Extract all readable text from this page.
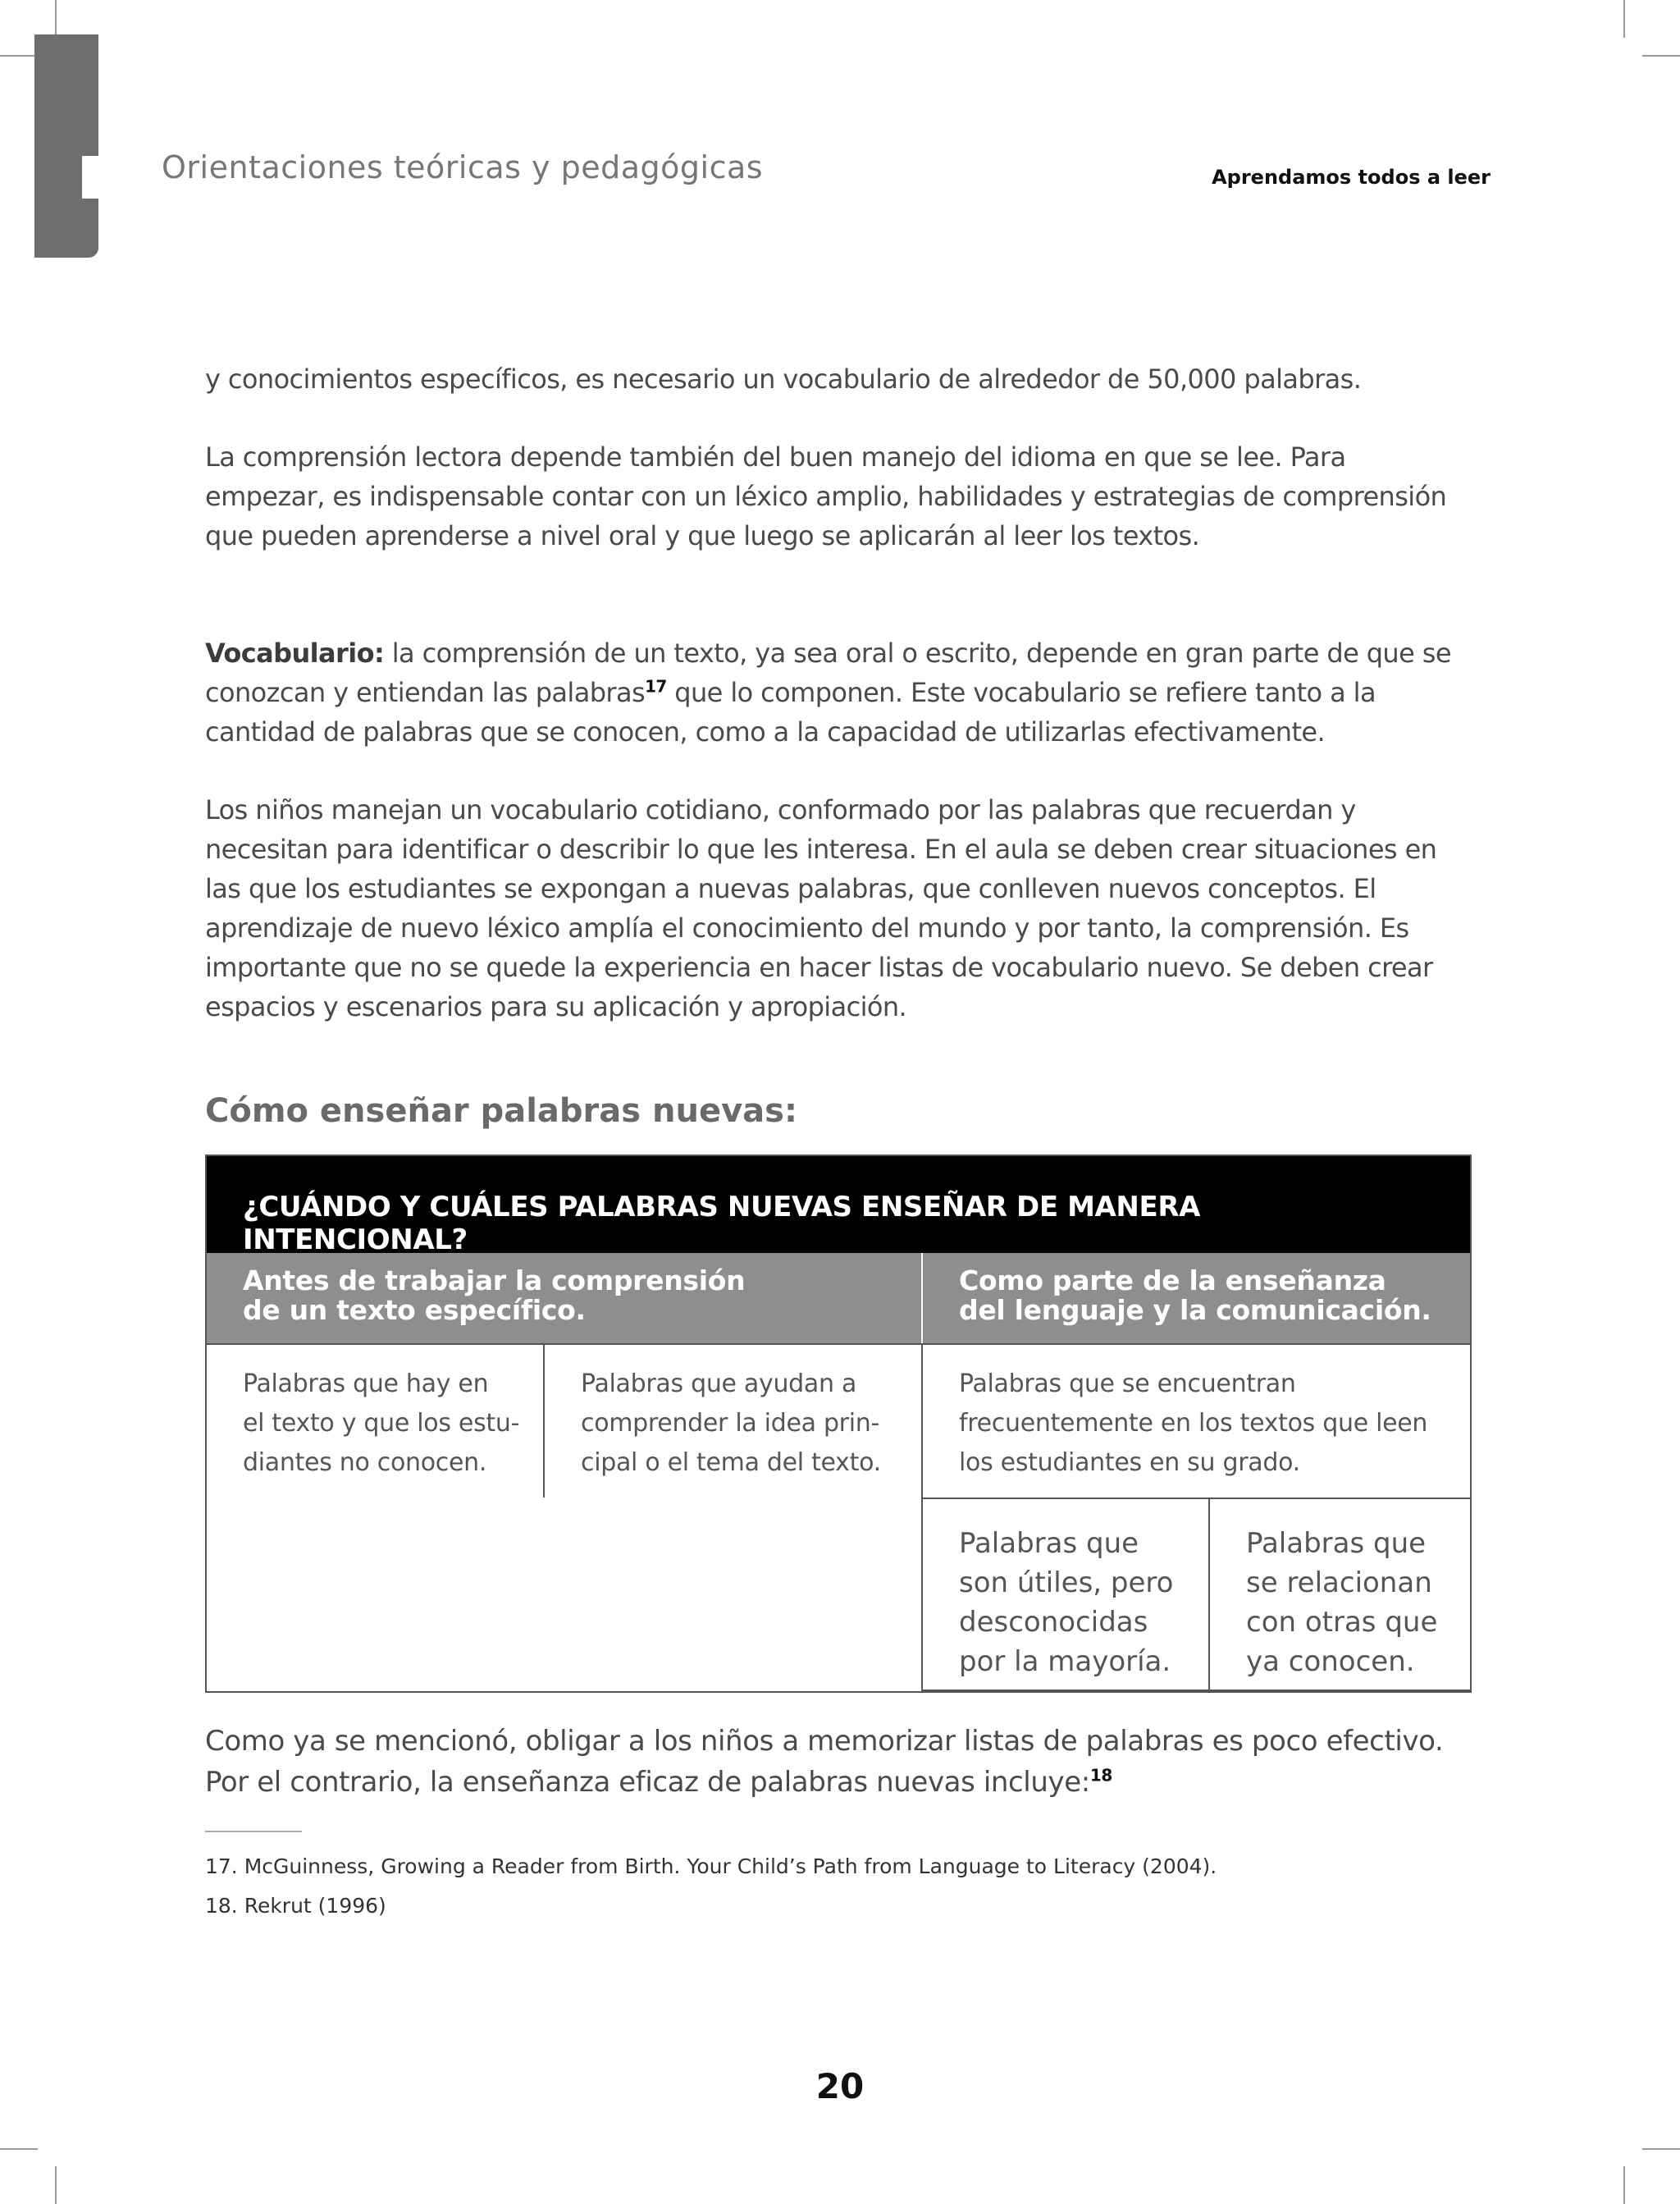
Orientaciones teóricas y pedagógicas	Aprendamos todos a leer

y conocimientos específicos, es necesario un vocabulario de alrededor de 50,000 palabras.

La comprensión lectora depende también del buen manejo del idioma en que se lee. Para empezar, es indispensable contar con un léxico amplio, habilidades y estrategias de comprensión que pueden aprenderse a nivel oral y que luego se aplicarán al leer los textos.

Vocabulario: la comprensión de un texto, ya sea oral o escrito, depende en gran parte de que se conozcan y entiendan las palabras$^{17}$ que lo componen. Este vocabulario se refiere tanto a la cantidad de palabras que se conocen, como a la capacidad de utilizarlas efectivamente.

Los niños manejan un vocabulario cotidiano, conformado por las palabras que recuerdan y necesitan para identificar o describir lo que les interesa. En el aula se deben crear situaciones en las que los estudiantes se expongan a nuevas palabras, que conlleven nuevos conceptos. El aprendizaje de nuevo léxico amplía el conocimiento del mundo y por tanto, la comprensión. Es importante que no se quede la experiencia en hacer listas de vocabulario nuevo. Se deben crear espacios y escenarios para su aplicación y apropiación.

Cómo enseñar palabras nuevas:
¿CUÁNDO Y CUÁLES PALABRAS NUEVAS ENSEÑAR DE MANERA INTENCIONAL?
Antes de trabajar la comprensión
de un texto específico.
Como parte de la enseñanza
del lenguaje y la comunicación.
Palabras que hay en
el texto y que los estu-
diantes no conocen.
Palabras que ayudan a
comprender la idea prin-
cipal o el tema del texto.
Palabras que se encuentran
frecuentemente en los textos que leen
los estudiantes en su grado.
Palabras que
son útiles, pero
desconocidas
por la mayoría.
Palabras que
se relacionan
con otras que
ya conocen.

Como ya se mencionó, obligar a los niños a memorizar listas de palabras es poco efectivo. Por el contrario, la enseñanza eficaz de palabras nuevas incluye:$^{18}$

17. McGuinness, Growing a Reader from Birth. Your Child’s Path from Language to Literacy (2004).

18. Rekrut (1996)

20
